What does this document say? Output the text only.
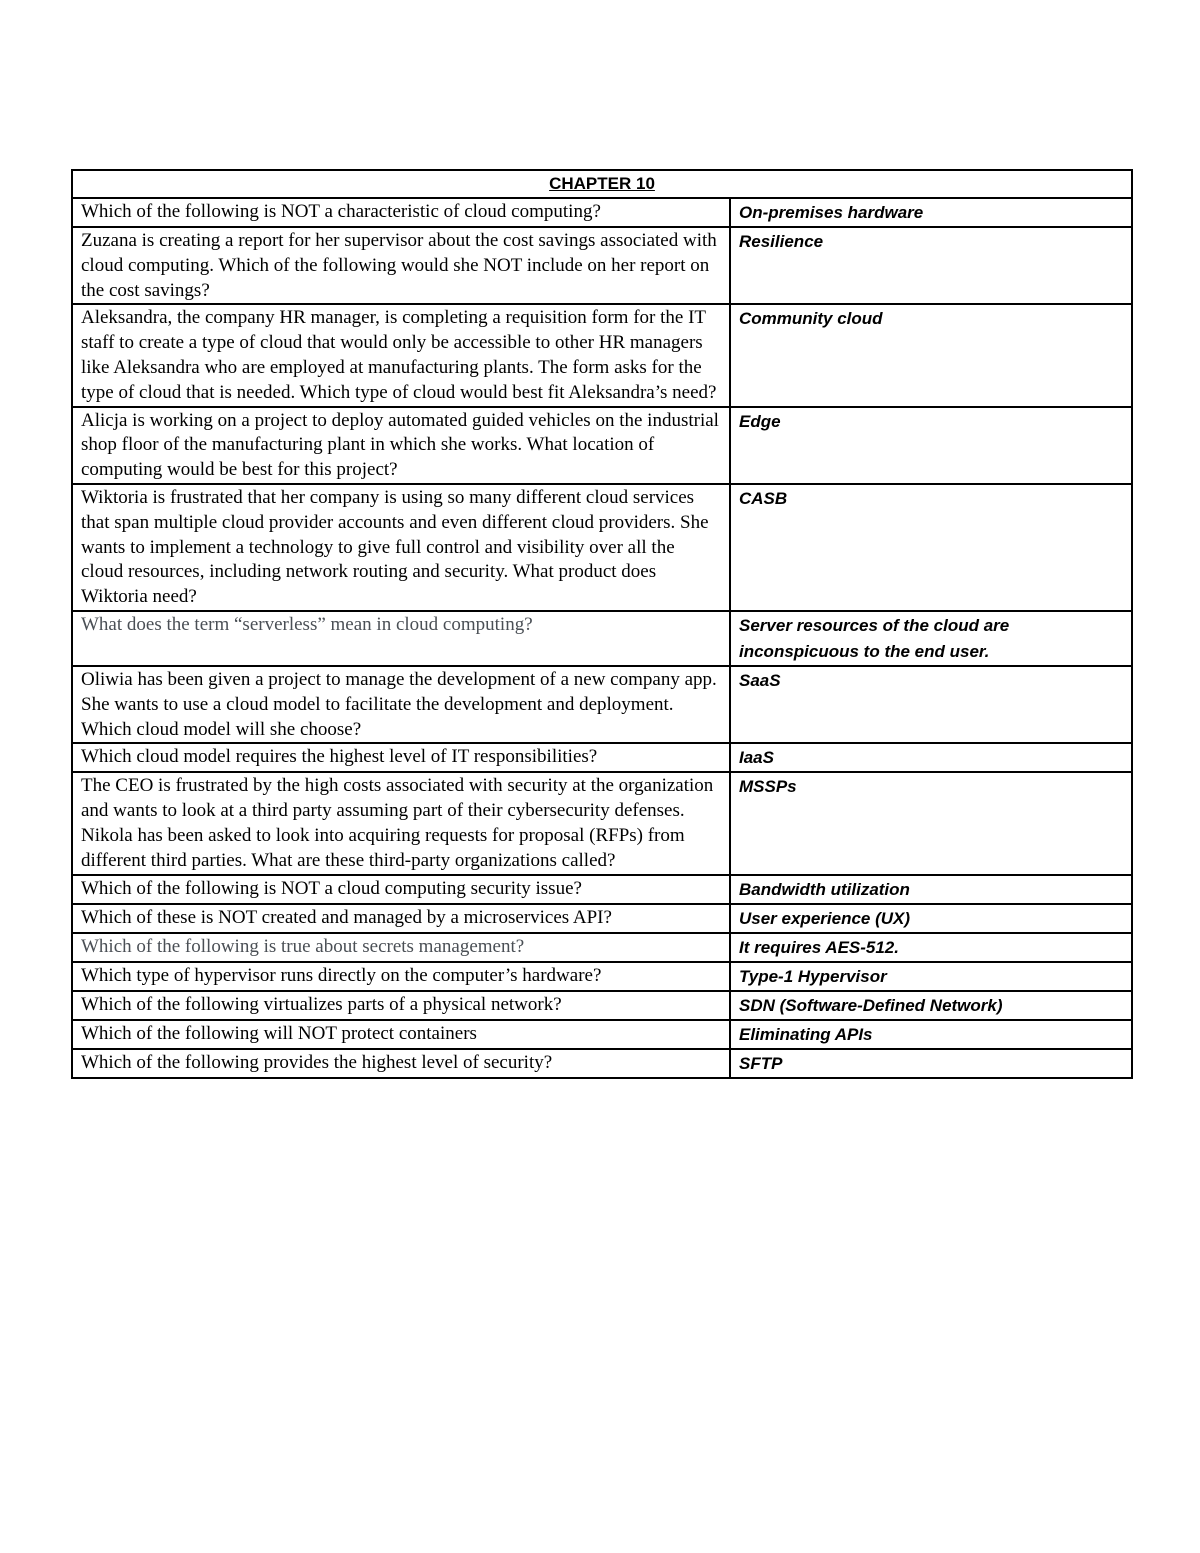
CHAPTER 10	
Which of the following is NOT a characteristic of cloud computing?	On-premises hardware
Zuzana is creating a report for her supervisor about the cost savings associated with cloud computing. Which of the following would she NOT include on her report on the cost savings?	Resilience
Aleksandra, the company HR manager, is completing a requisition form for the IT staff to create a type of cloud that would only be accessible to other HR managers like Aleksandra who are employed at manufacturing plants. The form asks for the type of cloud that is needed. Which type of cloud would best fit Aleksandra’s need?	Community cloud
Alicja is working on a project to deploy automated guided vehicles on the industrial shop floor of the manufacturing plant in which she works. What location of computing would be best for this project?	Edge
Wiktoria is frustrated that her company is using so many different cloud services that span multiple cloud provider accounts and even different cloud providers. She wants to implement a technology to give full control and visibility over all the cloud resources, including network routing and security. What product does Wiktoria need?	CASB
What does the term “serverless” mean in cloud computing?	Server resources of the cloud are inconspicuous to the end user.
Oliwia has been given a project to manage the development of a new company app. She wants to use a cloud model to facilitate the development and deployment. Which cloud model will she choose?	SaaS
Which cloud model requires the highest level of IT responsibilities?	IaaS
The CEO is frustrated by the high costs associated with security at the organization and wants to look at a third party assuming part of their cybersecurity defenses. Nikola has been asked to look into acquiring requests for proposal (RFPs) from different third parties. What are these third-party organizations called?	MSSPs
Which of the following is NOT a cloud computing security issue?	Bandwidth utilization
Which of these is NOT created and managed by a microservices API?	User experience (UX)
Which of the following is true about secrets management?	It requires AES-512.
Which type of hypervisor runs directly on the computer’s hardware?	Type-1 Hypervisor
Which of the following virtualizes parts of a physical network?	SDN (Software-Defined Network)
Which of the following will NOT protect containers	Eliminating APIs
Which of the following provides the highest level of security?	SFTP
